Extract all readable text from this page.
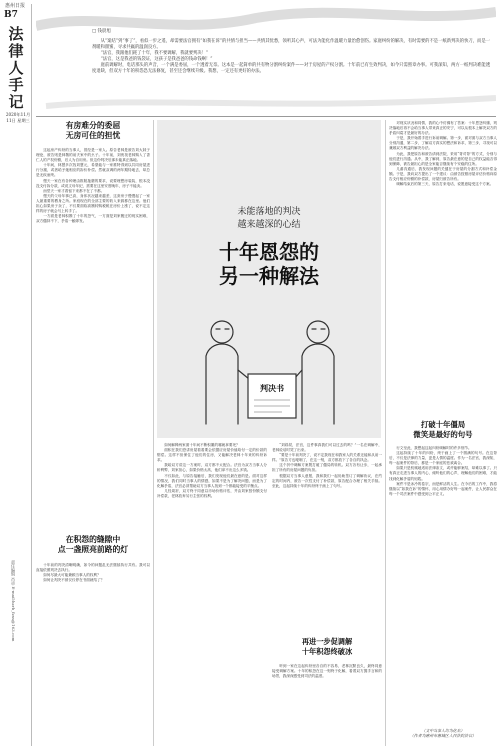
惠州日报
B7
法律人手记
2020年11月11日 星期三
责任编辑 肖卓 E-mail:hzrb_fzxs@163.com
□ 钱晨旭

从“案结”到“事了”，看似一步之遥，却需要法官拥有“如我在诉”的共情与担当——共情其忧愁，领听其心声，可法为能化作温暖力量治愈创伤。家庭纠纷的解决，有时需要的不是一纸新判决的快刀，而是一剂暖和甜蜜，寻求共赢的温润良方。

“法官，我跟他们耗了十年，我不要调解，我就要判决！”

“法官，这是我爸的钱袋证，这孩子是我爸爸的钱命钱啊！”

庭前调解时，电话那头的声音，一个满是委屈，一个透着无奈。这本是一起简单的共有物分割纠纷案件——对于房屋的产权分割。十年前已有生效判决，如今只需照章办事。可我深知，两方一纸判决难能透度退缺，但双方十年的积怨恐无法修复，甚至还会继续升级。我想，一定还有更好的办法。

有房难分的委屈
无房可住的担忧

这起房产纠纷的当事人，曾经是一家人。原告老林是被告刘大妹子理论，被告则是林敬的前夫家中的幺子。十年前，刘贵找老林购入了香仁人的产权份额，后人为自用房。但这份判决后那未能真正落地。

十年间，林慧多次找刘慧元，希望能与一家推特得到以共同房屋进行分割，或者给予她相应的拆价补偿。然就双调的两年期待地去，却总是无疾而终。

慢天一家在有各种理由推脱拖磨的要求，说要理想房装装，根本没没支付拆分款，或说文母年纪，需要在这里安度晚年，房子不能卖。

而堂天一家才看留下来都不在了不都。

慢天的父母年事已高，身体状况越来越差，这套房子慢慢起了一家人最重要的栖身之所。家庭现在的全部主要的收入来源都在这里。他们担心如果房子卖了，不仅要面临高额转购税税在房价上涨了，说不定这样的房子就会马上转手了。

一方面是老林积攒了十年的怨气，一方面是刘家搬迁的现实困难，双方僵持不下，矛盾一触即发。

在积怨的缝隙中
点一盏照亮前路的灯

十年前的判决清晰明确，如今的问题乱无法继续执行共有。我可以直接依照判决去执行。

如何尽最大可能兼顾当事人的权利？

如何让判决不被仅仅停在书面就结了？

未能落地的判决
越来越深的心结
十年恩怨的
另一种解法
判决书

如何解释两家面十年间不断积累的哪就拿要死？

面积在我们恐讲房屋看看要会依据应房屋价值给付一定的价款的赔偿。这样不但保住了他们的住房，又能解决老林十年来的纠纷诉求。

我给双方讲这一方案时，双方都不太配合。法官为双方当事人分析利弊，刘家担心，如果价格太高，他们拿不出这么多钱。

不仅如此，与原告接触后，我们发现他们最在意的是。面对这样的情况，我们同时当事人的情感，如果不是为了解决问题，而是为了化解矛盾，法官必须帮助双方当事人找到一个都能接受的平衡点。

几经周折，双方终于同意以市场价格评估，并由刘家按份额支付补偿款，老林放弃另行主张的权利。

“刘叔叔，法官，这件事真我们可以过去的吗？”一名在调解中，老林说话时哭了出来。

“要是十年前判决了，说不定我现在和我家人的关系还能和从前一样。”原告方也哽咽了，在这一刻，双方都放下了各自的执念。

这个折中调解方案既打破了僵局的转机。双方各有让步，一起承担了所有的房屋问题的负担。

根据双方当事人意愿，我和我们一起协助签订了调解协议，在约定的时间内，被告一次性支付了补偿款，原告配合办理了相关手续。至此，这起持续十年的纠纷终于画上了句号。

再进一步促调解
十年积怨终破冰

听到一家在这起纠纷里各自的不容易，老林沉默良久，最终同意接受调解方案。十年的积怨在这一刻终于化解，看着双方握手言和的场景，我深深感受到司法的温度。

对现实状况和同情，我的心中仿佛有了答案：十年恩怨纠缠，判决落地后再不会给当事人带来真正的安宁，可以从根本上解决双方的矛盾纠葛才是最好的办法。

于是，我开始着手进行诉前调解。第一步，面对面与双方当事人分别沟通，第二步，了解双方真实的想法和诉求，第三步，寻找可以兼顾双方利益的解决办法。

为此，我把原告和被告请到法院，采用“背对背”的方式，分别与他们进行沟通。从中，我了解到，原告最在意的是自己的权益能否得到保障，被告最担心的是全家能否继续有个安稳的住所。

几番沟通后，我发现问题的关键在于房屋的分割方式和补偿金额。于是，我向双方提出了一个建议：由被告按照房屋评估价格向原告支付相应份额的补偿款，房屋归被告所有。

调解结束后的第三天，原告打来电话，说愿意接受这个方案。

打破十年僵局
微笑是最好的句号

行文至此，我想起这起纠纷调解时的许多细节。

这起持续了十年的纠纷，终于画上了一个圆满的句号。在这背后，不仅是法律的力量，更是人情的温度。作为一名法官，我深知，每一起案件的背后，都是一个家庭的悲欢离合。

如果只是机械地适用法律条文，或许能够案结，却难以事了。只有真正走进当事人的内心，倾听他们的心声，理解他们的困难，才能找到化解矛盾的钥匙。

案件不是冰冷的卷宗，而是鲜活的人生。在今后的工作中，我将继续以“如我在诉”的情怀，用心用情办好每一起案件，让人民群众在每一个司法案件中感受到公平正义。

（文中当事人均为化名）
（作者为惠州市惠城区人民法院法官）
